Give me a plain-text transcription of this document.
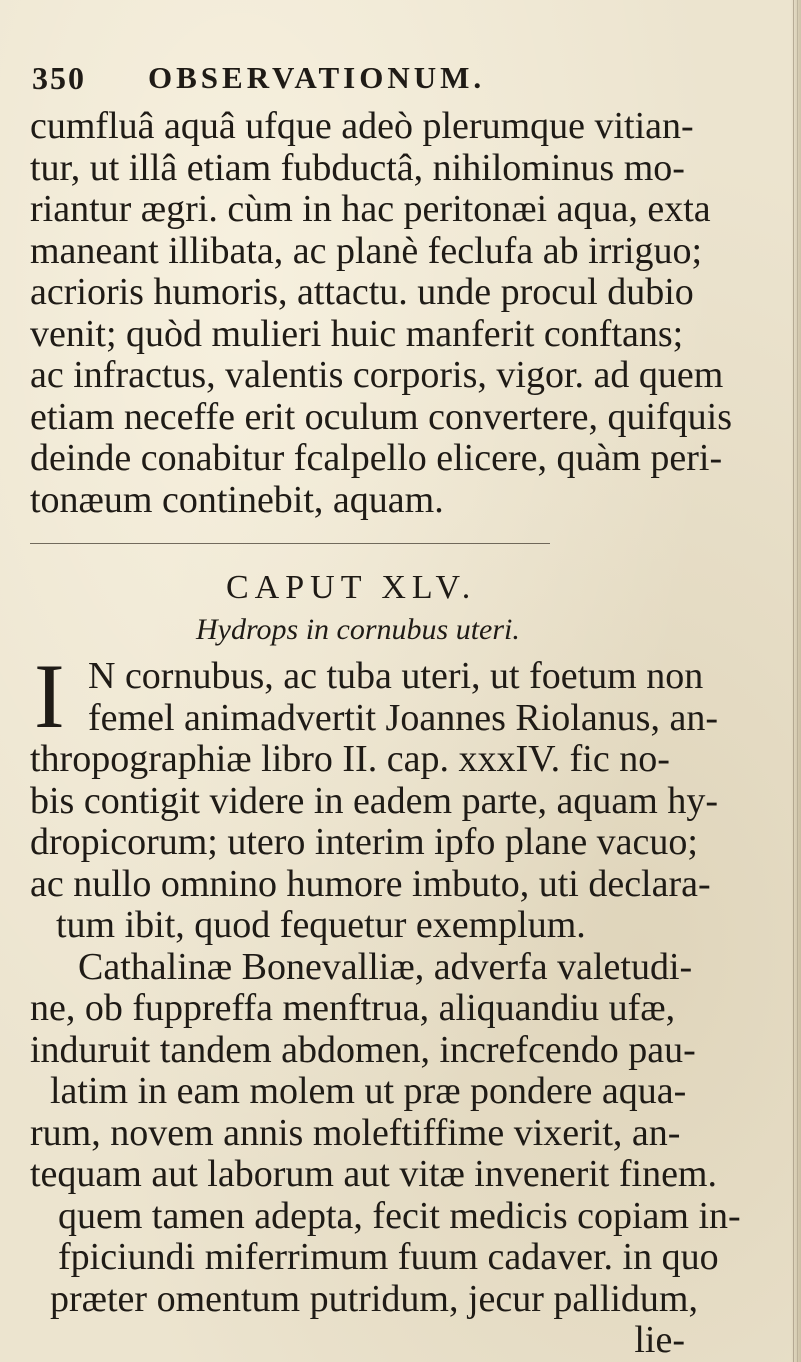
350 OBSERVATIONUM.
cumfluâ aquâ ufque adeò plerumque vitian-
tur, ut illâ etiam fubductâ, nihilominus mo-
riantur ægri. cùm in hac peritonæi aqua, exta
maneant illibata, ac planè feclufa ab irriguo;
acrioris humoris, attactu. unde procul dubio
venit; quòd mulieri huic manferit conftans;
ac infractus, valentis corporis, vigor. ad quem
etiam neceffe erit oculum convertere, quifquis
deinde conabitur fcalpello elicere, quàm peri-
tonæum continebit, aquam.
CAPUT XLV.
Hydrops in cornubus uteri.
I N cornubus, ac tuba uteri, ut foetum non
femel animadvertit Joannes Riolanus, an-
thropographiæ libro II. cap. xxxIV. fic no-
bis contigit videre in eadem parte, aquam hy-
dropicorum; utero interim ipfo plane vacuo;
ac nullo omnino humore imbuto, uti declara-
tum ibit, quod fequetur exemplum.
Cathalinæ Bonevalliæ, adverfa valetudi-
ne, ob fuppreffa menftrua, aliquandiu ufæ,
induruit tandem abdomen, increfcendo pau-
latim in eam molem ut præ pondere aqua-
rum, novem annis moleftiffime vixerit, an-
tequam aut laborum aut vitæ invenerit finem.
quem tamen adepta, fecit medicis copiam in-
fpiciundi miferrimum fuum cadaver. in quo
præter omentum putridum, jecur pallidum,
lie-
